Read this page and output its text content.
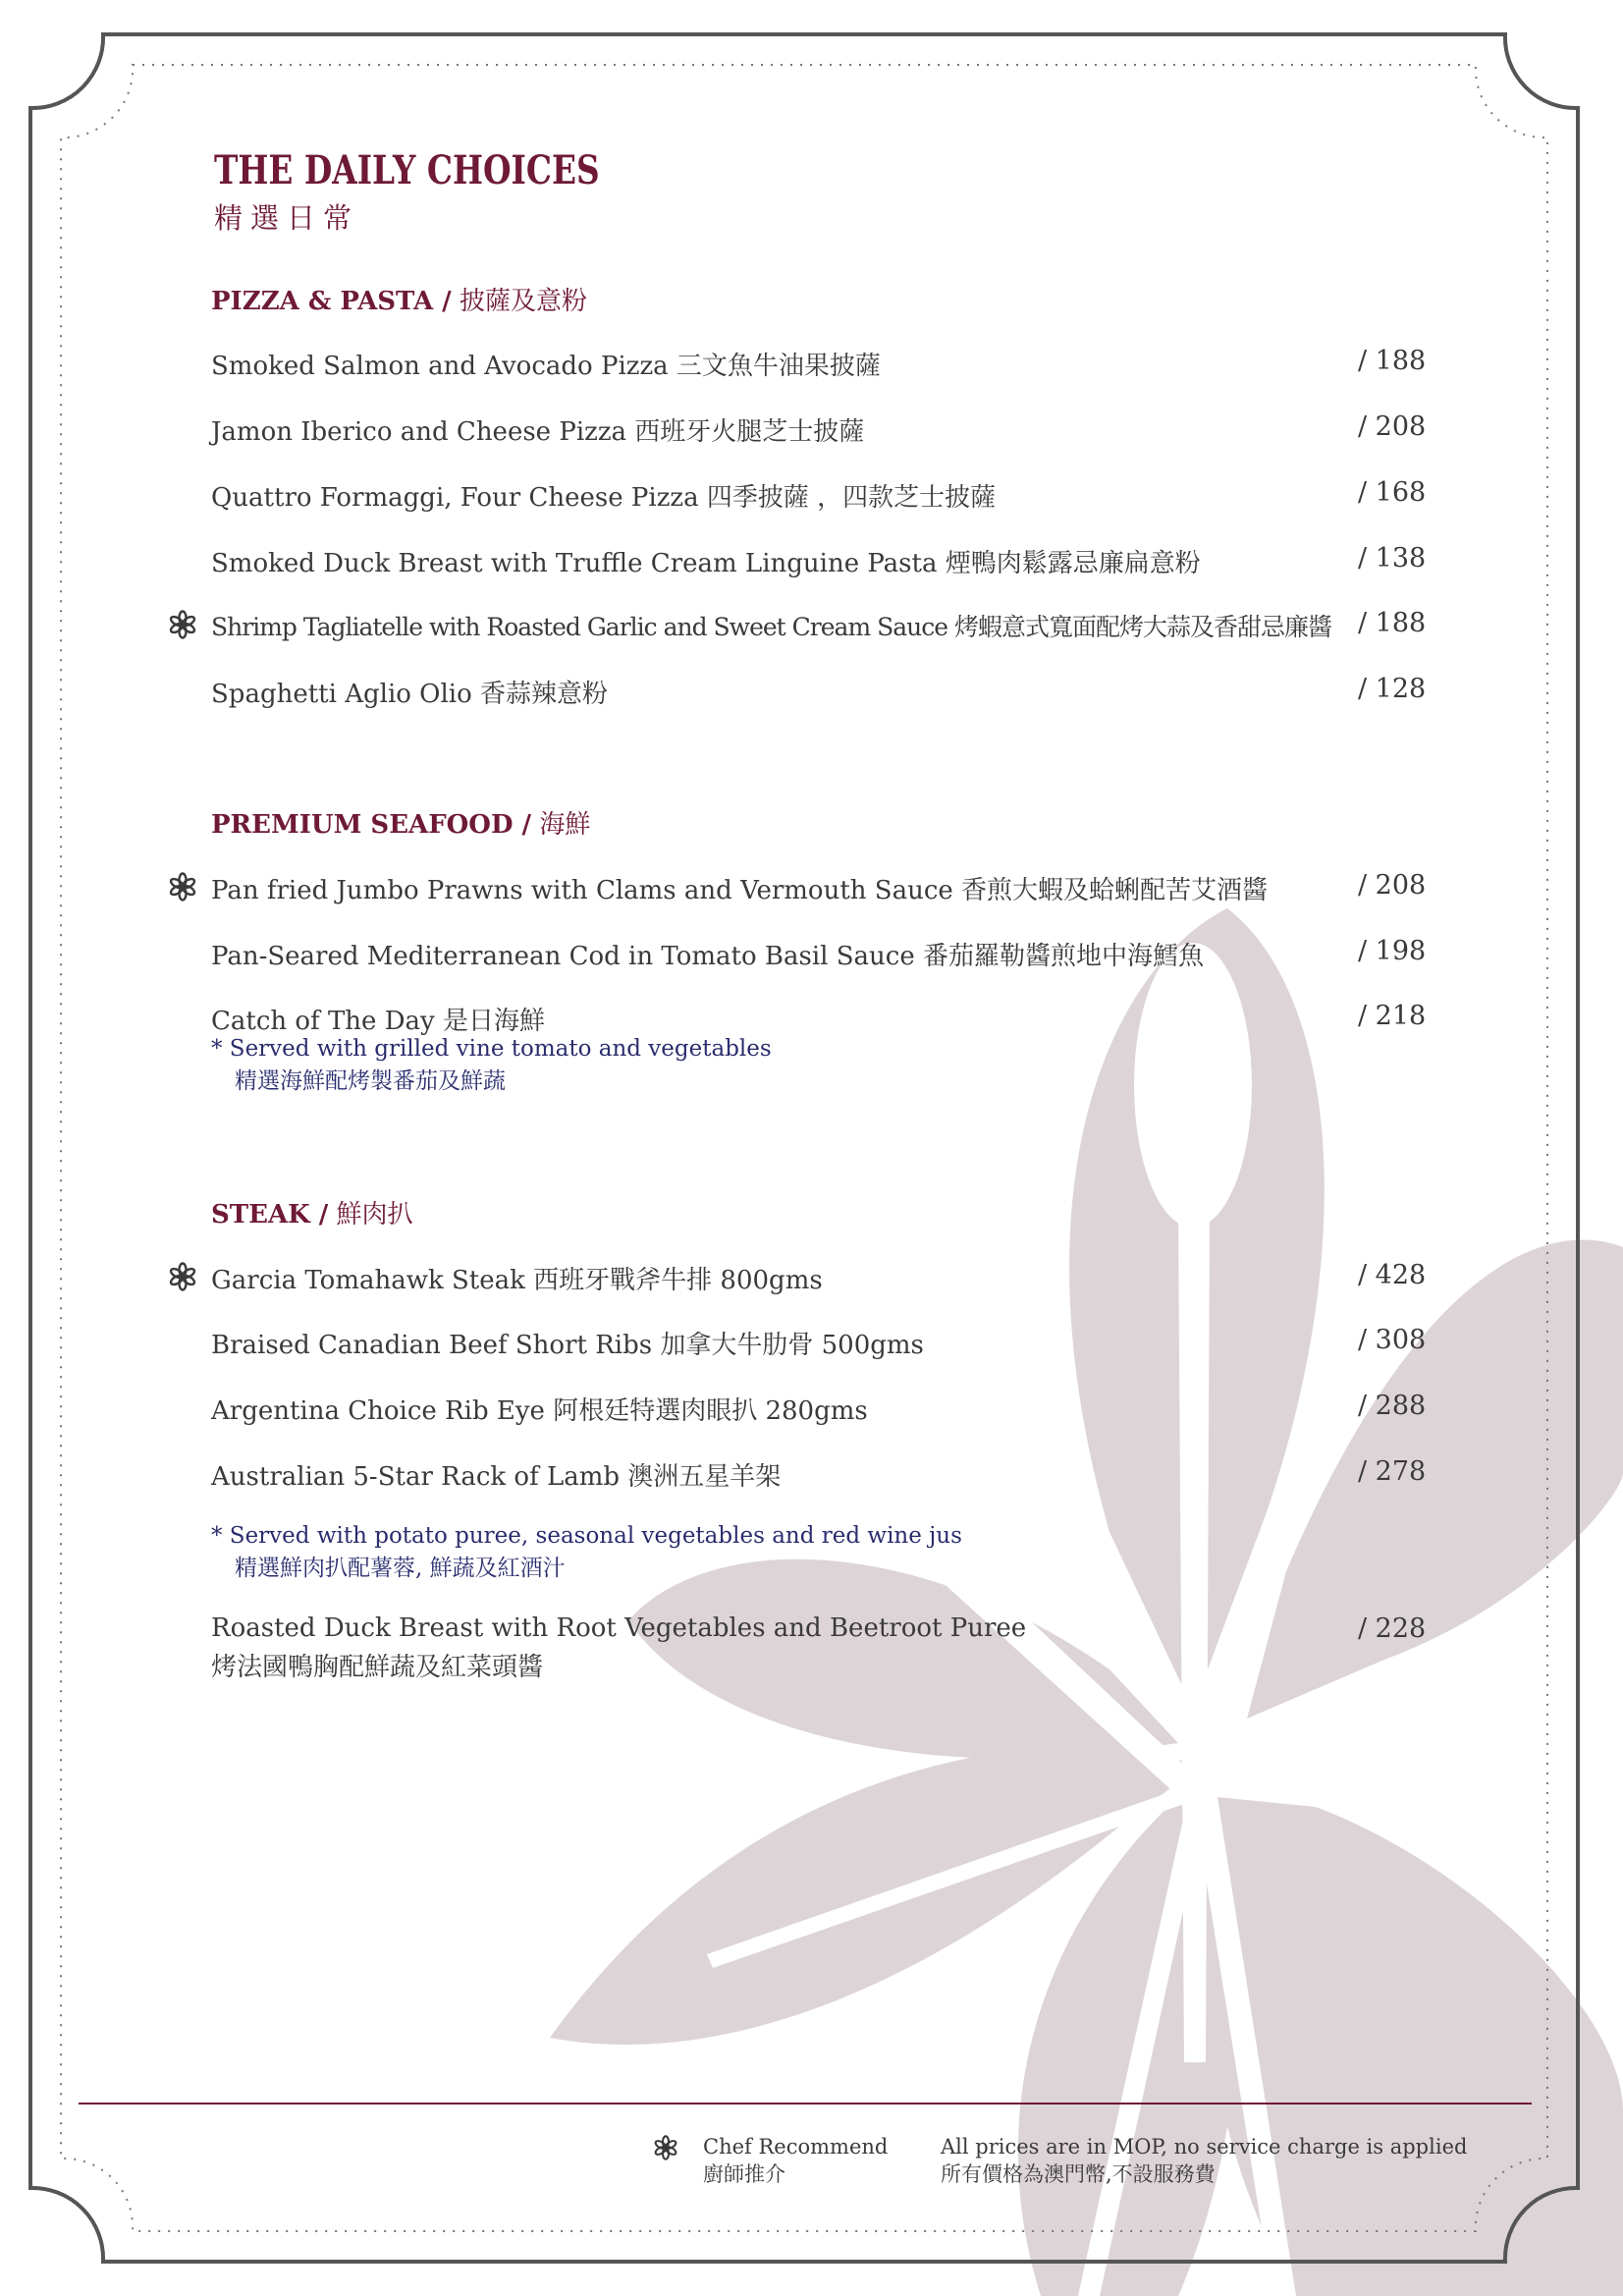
THE DAILY CHOICES
精選日常
PIZZA & PASTA / 披薩及意粉
Smoked Salmon and Avocado Pizza 三文魚牛油果披薩	/ 188
Jamon Iberico and Cheese Pizza 西班牙火腿芝士披薩	/ 208
Quattro Formaggi, Four Cheese Pizza 四季披薩 ，四款芝士披薩	/ 168
Smoked Duck Breast with Truffle Cream Linguine Pasta 煙鴨肉鬆露忌廉扁意粉	/ 138
Shrimp Tagliatelle with Roasted Garlic and Sweet Cream Sauce 烤蝦意式寬面配烤大蒜及香甜忌廉醬 / 188
Spaghetti Aglio Olio 香蒜辣意粉	/ 128
PREMIUM SEAFOOD / 海鮮
Pan fried Jumbo Prawns with Clams and Vermouth Sauce 香煎大蝦及蛤蜊配苦艾酒醬	/ 208
Pan-Seared Mediterranean Cod in Tomato Basil Sauce 番茄羅勒醬煎地中海鱈魚	/ 198
Catch of The Day 是日海鮮	/ 218
* Served with grilled vine tomato and vegetables
精選海鮮配烤製番茄及鮮蔬
STEAK / 鮮肉扒
Garcia Tomahawk Steak 西班牙戰斧牛排 800gms	/ 428
Braised Canadian Beef Short Ribs 加拿大牛肋骨 500gms	/ 308
Argentina Choice Rib Eye 阿根廷特選肉眼扒 280gms	/ 288
Australian 5-Star Rack of Lamb 澳洲五星羊架	/ 278
* Served with potato puree, seasonal vegetables and red wine jus
精選鮮肉扒配薯蓉, 鮮蔬及紅酒汁
Roasted Duck Breast with Root Vegetables and Beetroot Puree	/ 228
烤法國鴨胸配鮮蔬及紅菜頭醬
Chef Recommend
廚師推介
All prices are in MOP, no service charge is applied
所有價格為澳門幣,不設服務費
